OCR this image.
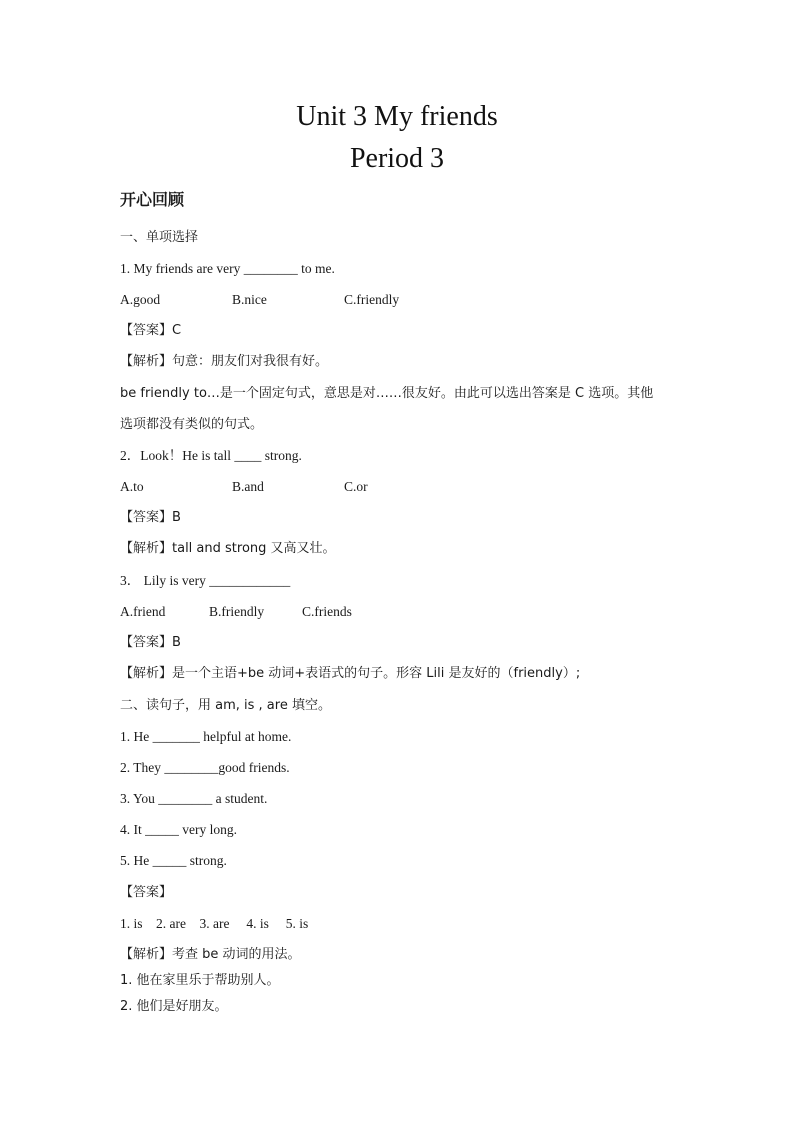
Unit 3 My friends
Period 3
开心回顾
一、单项选择
1. My friends are very ________ to me.
A.good	B.nice	C.friendly
【答案】C
【解析】句意：朋友们对我很有好。
be friendly to…是一个固定句式，意思是对……很友好。由此可以选出答案是 C 选项。其他
选项都没有类似的句式。
2．Look！He is tall ____ strong.
A.to	B.and	C.or
【答案】B
【解析】tall and strong 又高又壮。
3． Lily is very ____________
A.friend	B.friendly	C.friends
【答案】B
【解析】是一个主语+be 动词+表语式的句子。形容 Lili 是友好的（friendly）;
二、读句子，用 am, is , are 填空。
1. He _______ helpful at home.
2. They ________good friends.
3. You ________ a student.
4. It _____ very long.
5. He _____ strong.
【答案】
1. is    2. are    3. are     4. is     5. is
【解析】考查 be 动词的用法。
1. 他在家里乐于帮助别人。
2. 他们是好朋友。
